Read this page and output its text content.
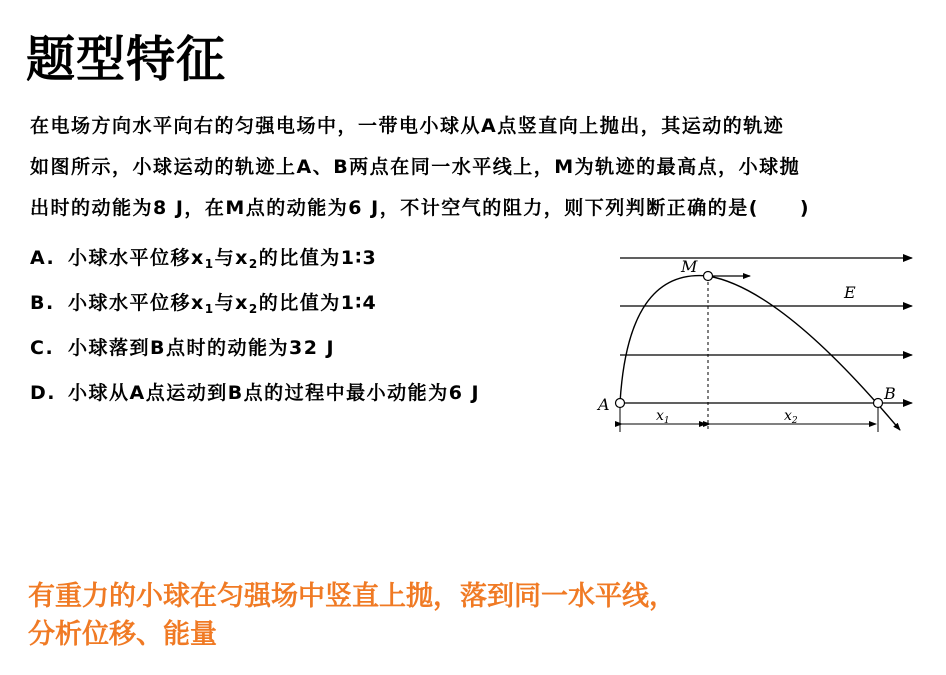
题型特征
在电场方向水平向右的匀强电场中，一带电小球从A点竖直向上抛出，其运动的轨迹
如图所示，小球运动的轨迹上A、B两点在同一水平线上，M为轨迹的最高点，小球抛
出时的动能为8 J，在M点的动能为6 J，不计空气的阻力，则下列判断正确的是(　　)
A. 小球水平位移$x_1$与$x_2$的比值为1∶3
B. 小球水平位移$x_1$与$x_2$的比值为1∶4
C. 小球落到B点时的动能为32 J
D. 小球从A点运动到B点的过程中最小动能为6 J
M
E
A
B
$x_1$	$x_2$
有重力的小球在匀强场中竖直上抛，落到同一水平线，
分析位移、能量
